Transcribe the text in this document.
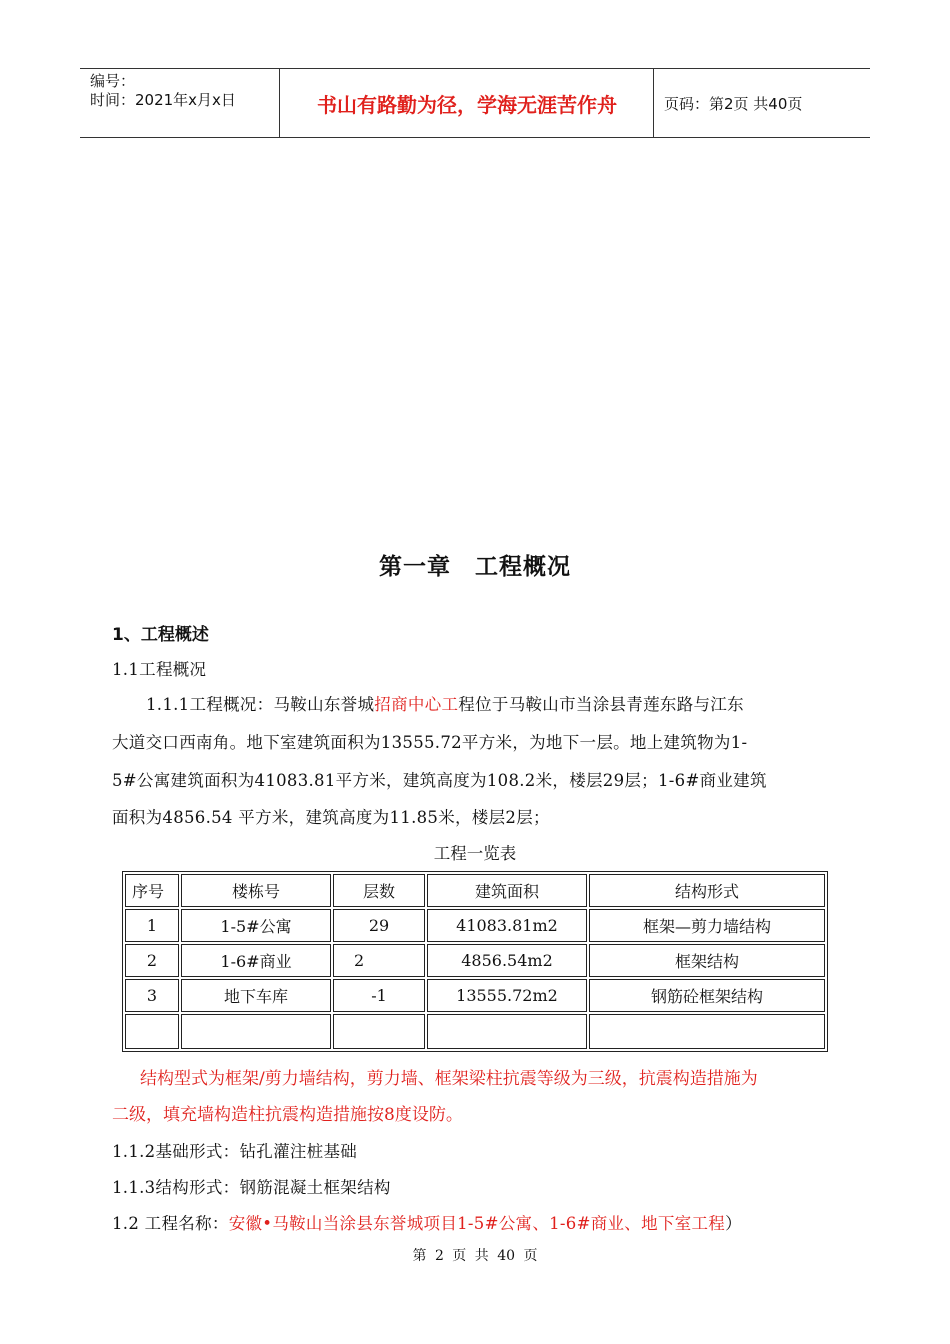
编号：
时间：2021年x月x日	书山有路勤为径，学海无涯苦作舟	页码：第2页 共40页
第一章　工程概况
1、工程概述
1.1工程概况
1.1.1工程概况：马鞍山东誉城招商中心工程位于马鞍山市当涂县青莲东路与江东
大道交口西南角。地下室建筑面积为13555.72平方米，为地下一层。地上建筑物为1-
5#公寓建筑面积为41083.81平方米，建筑高度为108.2米，楼层29层；1-6#商业建筑
面积为4856.54 平方米，建筑高度为11.85米，楼层2层；
工程一览表
序号	楼栋号	层数	建筑面积	结构形式
1	1-5#公寓	29	41083.81m2	框架—剪力墙结构
2	1-6#商业	2	4856.54m2	框架结构
3	地下车库	-1	13555.72m2	钢筋砼框架结构

结构型式为框架/剪力墙结构，剪力墙、框架梁柱抗震等级为三级，抗震构造措施为
二级，填充墙构造柱抗震构造措施按8度设防。
1.1.2基础形式：钻孔灌注桩基础
1.1.3结构形式：钢筋混凝土框架结构
1.2 工程名称：安徽•马鞍山当涂县东誉城项目1-5#公寓、1-6#商业、地下室工程）
第 2 页 共 40 页
